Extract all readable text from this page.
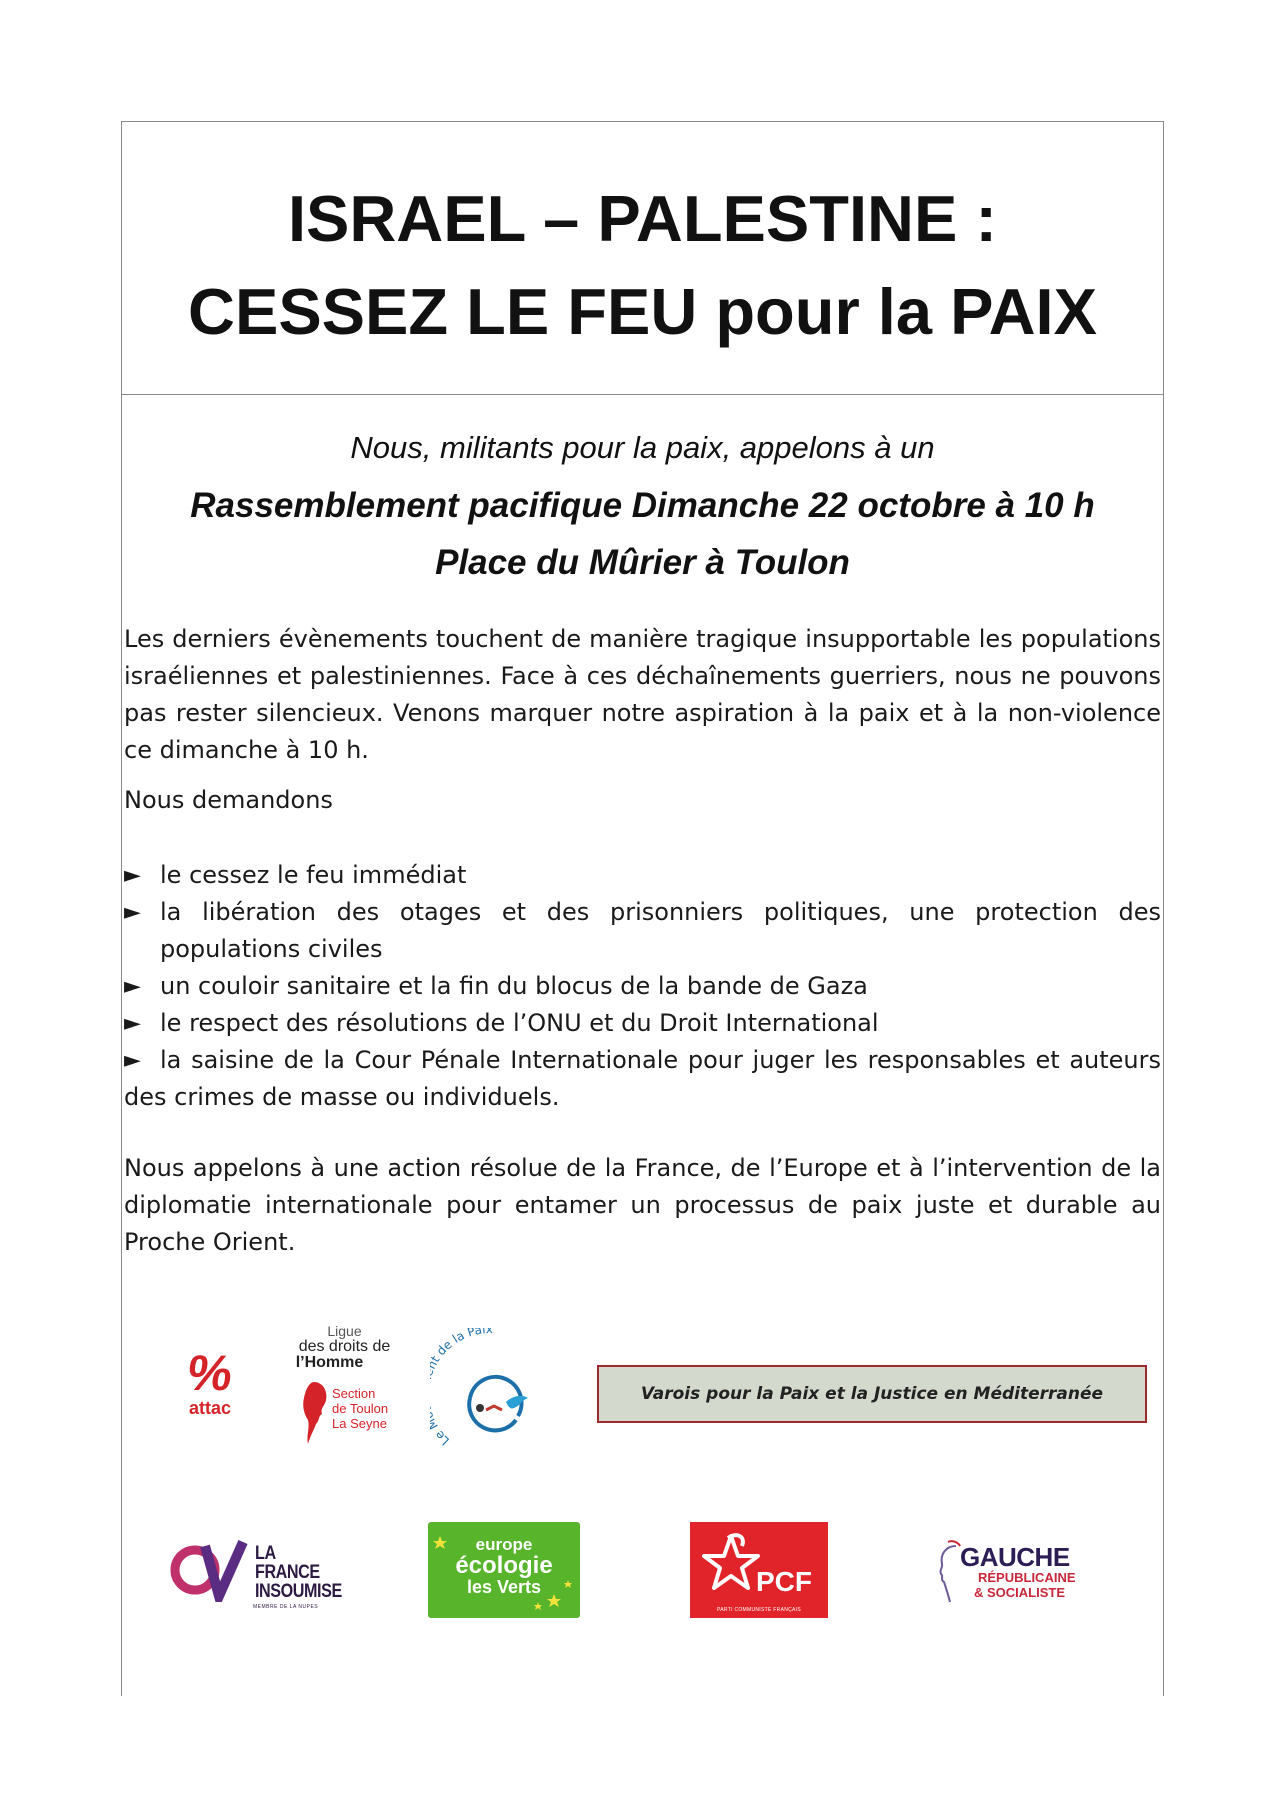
ISRAEL – PALESTINE :
CESSEZ LE FEU pour la PAIX
Nous, militants pour la paix, appelons à un
Rassemblement pacifique Dimanche 22 octobre à 10 h
Place du Mûrier à Toulon

Les derniers évènements touchent de manière tragique insupportable les populations israéliennes et palestiniennes. Face à ces déchaînements guerriers, nous ne pouvons pas rester silencieux. Venons marquer notre aspiration à la paix et à la non-violence ce dimanche à 10 h.

Nous demandons

► le cessez le feu immédiat
► la libération des otages et des prisonniers politiques, une protection des populations civiles
► un couloir sanitaire et la fin du blocus de la bande de Gaza
► le respect des résolutions de l’ONU et du Droit International
► la saisine de la Cour Pénale Internationale pour juger les responsables et auteurs des crimes de masse ou individuels.

Nous appelons à une action résolue de la France, de l’Europe et à l’intervention de la diplomatie internationale pour entamer un processus de paix juste et durable au Proche Orient.

%
attac
Ligue
des droits de
l’Homme
Section
de Toulon
La Seyne
Le de la Paix
Varois pour la Paix et la Justice en Méditerranée
LA
FRANCE
INSOUMISE
MEMBRE DE LA NUPES
europe
écologie
les Verts	PCF
PARTI COMMUNISTE FRANÇAIS
GAUCHE
RÉPUBLICAINE
& SOCIALISTE
